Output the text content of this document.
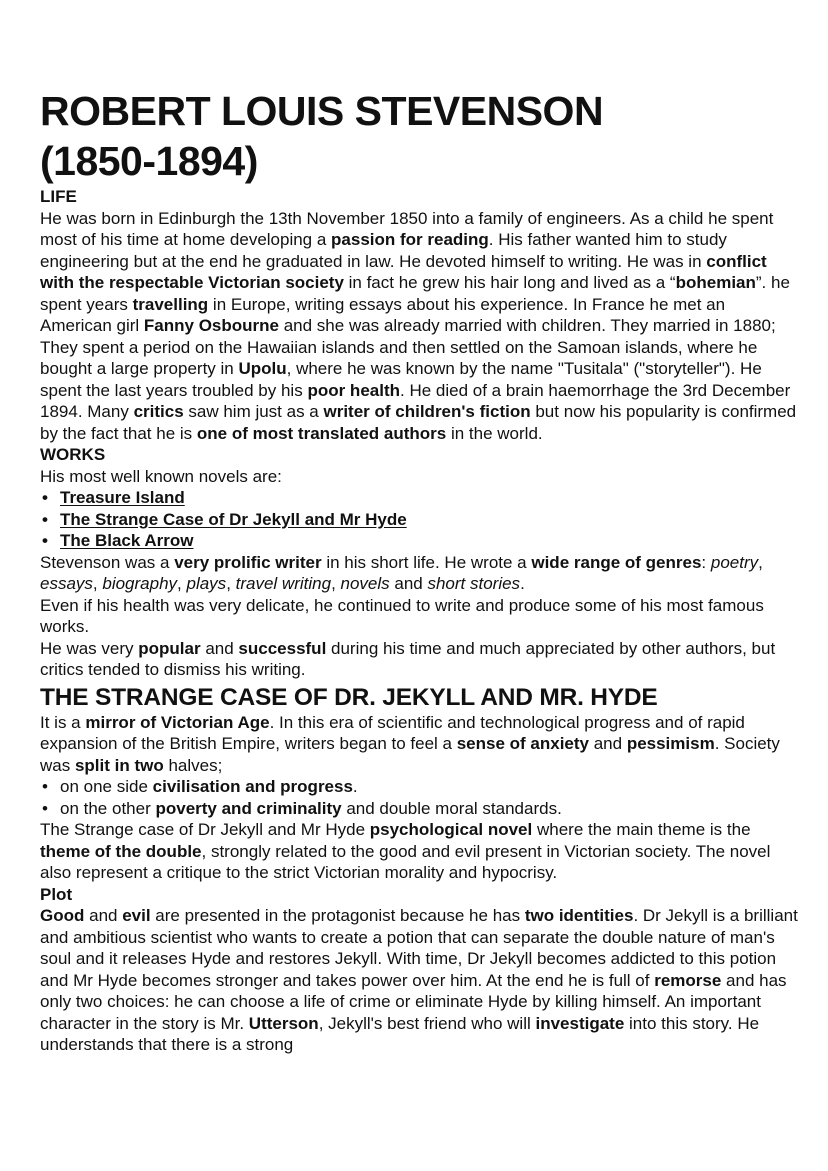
ROBERT LOUIS STEVENSON
(1850-1894)
LIFE

He was born in Edinburgh the 13th November 1850 into a family of engineers. As a child he spent most of his time at home developing a passion for reading. His father wanted him to study engineering but at the end he graduated in law. He devoted himself to writing. He was in conflict with the respectable Victorian society in fact he grew his hair long and lived as a “bohemian”. he spent years travelling in Europe, writing essays about his experience. In France he met an American girl Fanny Osbourne and she was already married with children. They married in 1880; They spent a period on the Hawaiian islands and then settled on the Samoan islands, where he bought a large property in Upolu, where he was known by the name "Tusitala" ("storyteller"). He spent the last years troubled by his poor health. He died of a brain haemorrhage the 3rd December 1894. Many critics saw him just as a writer of children's fiction but now his popularity is confirmed by the fact that he is one of most translated authors in the world.

WORKS

His most well known novels are:

• Treasure Island
• The Strange Case of Dr Jekyll and Mr Hyde
• The Black Arrow

Stevenson was a very prolific writer in his short life. He wrote a wide range of genres: poetry, essays, biography, plays, travel writing, novels and short stories.

Even if his health was very delicate, he continued to write and produce some of his most famous works.

He was very popular and successful during his time and much appreciated by other authors, but critics tended to dismiss his writing.

THE STRANGE CASE OF DR. JEKYLL AND MR. HYDE

It is a mirror of Victorian Age. In this era of scientific and technological progress and of rapid expansion of the British Empire, writers began to feel a sense of anxiety and pessimism. Society was split in two halves;

• on one side civilisation and progress.
• on the other poverty and criminality and double moral standards.

The Strange case of Dr Jekyll and Mr Hyde psychological novel where the main theme is the theme of the double, strongly related to the good and evil present in Victorian society. The novel also represent a critique to the strict Victorian morality and hypocrisy.

Plot

Good and evil are presented in the protagonist because he has two identities. Dr Jekyll is a brilliant and ambitious scientist who wants to create a potion that can separate the double nature of man's soul and it releases Hyde and restores Jekyll. With time, Dr Jekyll becomes addicted to this potion and Mr Hyde becomes stronger and takes power over him. At the end he is full of remorse and has only two choices: he can choose a life of crime or eliminate Hyde by killing himself. An important character in the story is Mr. Utterson, Jekyll's best friend who will investigate into this story. He understands that there is a strong
